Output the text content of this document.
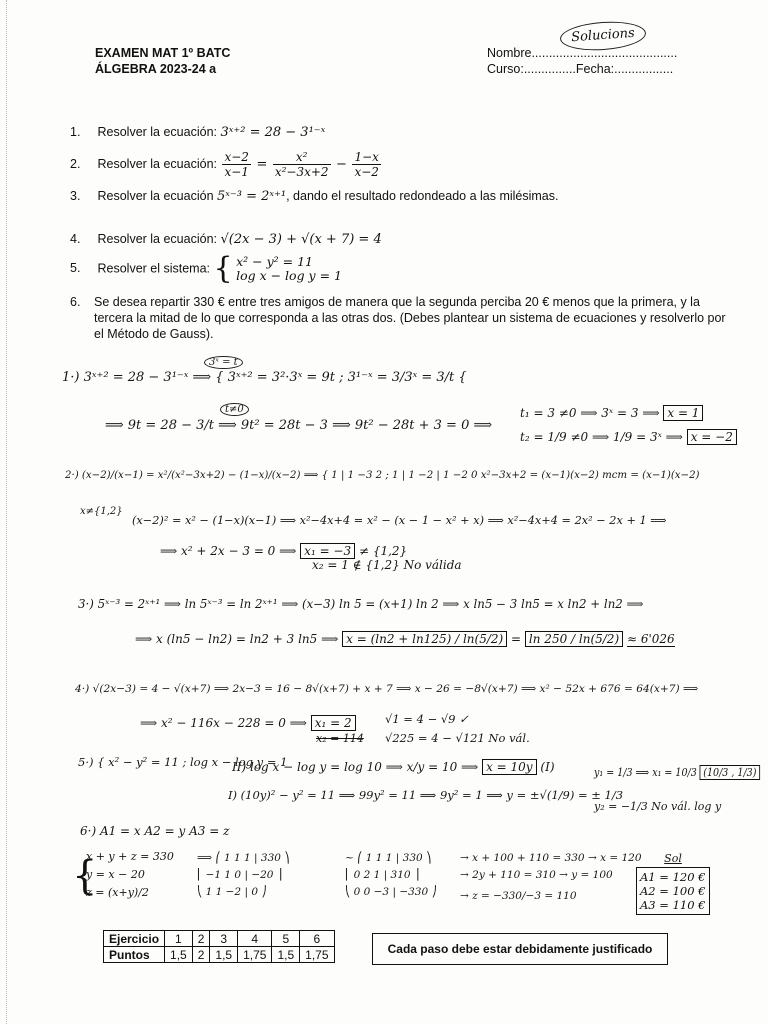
EXAMEN MAT 1º BATC
ÁLGEBRA 2023-24 a
Nombre..........................................
Curso:...............Fecha:.................
Solucions
1. Resolver la ecuación: 3ˣ⁺² = 28 − 3¹⁻ˣ
2. Resolver la ecuación: $\frac{x-2}{x-1} = \frac{\text{x²}}{\text{x²−3x+2}} - \frac{1-x}{x-2}$
3. Resolver la ecuación 5ˣ⁻³ = 2ˣ⁺¹, dando el resultado redondeado a las milésimas.
4. Resolver la ecuación: √(2x − 3) + √(x + 7) = 4
5. Resolver el sistema: { x² − y² = 11
log x − log y = 1
6.	Se desea repartir 330 € entre tres amigos de manera que la segunda perciba 20 € menos que la primera, y la tercera la mitad de lo que corresponda a las otras dos. (Debes plantear un sistema de ecuaciones y resolverlo por el Método de Gauss).
1·) 3ˣ⁺² = 28 − 3¹⁻ˣ ⟹ { 3ˣ⁺² = 3²·3ˣ = 9t ; 3¹⁻ˣ = 3/3ˣ = 3/t {
3ˣ = t
⟹ 9t = 28 − 3/t ⟹ 9t² = 28t − 3 ⟹ 9t² − 28t + 3 = 0 ⟹
t≠0	t₁ = 3 ≠0 ⟹ 3ˣ = 3 ⟹ x = 1
t₂ = 1/9 ≠0 ⟹ 1/9 = 3ˣ ⟹ x = −2
2·) (x−2)/(x−1) = x²/(x²−3x+2) − (1−x)/(x−2) ⟹ { 1 | 1 −3 2 ; 1 | 1 −2 | 1 −2 0 x²−3x+2 = (x−1)(x−2) mcm = (x−1)(x−2)
x≠{1,2}
(x−2)² = x² − (1−x)(x−1) ⟹ x²−4x+4 = x² − (x − 1 − x² + x) ⟹ x²−4x+4 = 2x² − 2x + 1 ⟹
⟹ x² + 2x − 3 = 0 ⟹ x₁ = −3 ≠ {1,2}
x₂ = 1 ∉ {1,2} No válida
3·) 5ˣ⁻³ = 2ˣ⁺¹ ⟹ ln 5ˣ⁻³ = ln 2ˣ⁺¹ ⟹ (x−3) ln 5 = (x+1) ln 2 ⟹ x ln5 − 3 ln5 = x ln2 + ln2 ⟹
⟹ x (ln5 − ln2) = ln2 + 3 ln5 ⟹ x = (ln2 + ln125) / ln(5/2) = ln 250 / ln(5/2) ≈ 6'026
4·) √(2x−3) = 4 − √(x+7) ⟹ 2x−3 = 16 − 8√(x+7) + x + 7 ⟹ x − 26 = −8√(x+7) ⟹ x² − 52x + 676 = 64(x+7) ⟹
⟹ x² − 116x − 228 = 0 ⟹ x₁ = 2
x₂ = 114
√1 = 4 − √9 ✓
√225 = 4 − √121 No vál.
5·) { x² − y² = 11 ; log x − log y = 1
II) log x − log y = log 10 ⟹ x/y = 10 ⟹ x = 10y (I)
I) (10y)² − y² = 11 ⟹ 99y² = 11 ⟹ 9y² = 1 ⟹ y = ±√(1/9) = ± 1/3
y₁ = 1/3 ⟹ x₁ = 10/3 (10/3 , 1/3)
y₂ = −1/3 No vál. log y
6·) A1 = x A2 = y A3 = z
{
x + y + z = 330
y = x − 20
z = (x+y)/2
⟹ ⎛ 1 1 1 | 330 ⎞
⎜ −1 1 0 | −20 ⎟
⎝ 1 1 −2 | 0 ⎠
~ ⎛ 1 1 1 | 330 ⎞
⎜ 0 2 1 | 310 ⎟
⎝ 0 0 −3 | −330 ⎠
→ x + 100 + 110 = 330 → x = 120
→ 2y + 110 = 310 → y = 100
→ z = −330/−3 = 110
Sol
A1 = 120 €
A2 = 100 €
A3 = 110 €
Ejercicio	1	2	3	4	5	6
Puntos	1,5	2	1,5	1,75	1,5	1,75	Cada paso debe estar debidamente justificado
